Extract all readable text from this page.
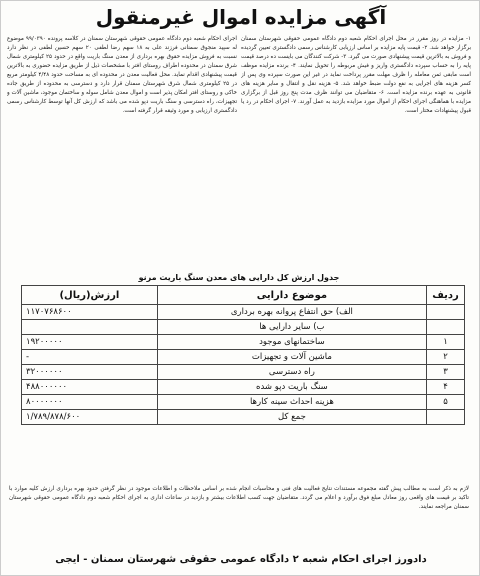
آگهی مزایده اموال غیرمنقول
اجرای احکام شعبه دوم دادگاه عمومی حقوقی شهرستان سمنان در کلاسه پرونده ۹۹/۰۳۹۰ موضوع له سپید منجوق سمنانی فرزند علی به ۱۸ سهم رضا لطفی ۲۰ سهم حسین لطفی در نظر دارد نسبت به فروش مزایده حقوق بهره برداری از معدن سنگ باریت واقع در حدود ۲۵ کیلومتری شمال شرق سمنان در محدوده اطراف روستای افتر با مشخصات ذیل از طریق مزایده حضوری به بالاترین قیمت پیشنهادی اقدام نماید. محل فعالیت معدن در محدوده ای به مساحت حدود ۴/۴۸ کیلومتر مربع در ۲۵ کیلومتری شمال شرق شهرستان سمنان قرار دارد و دسترسی به محدوده از طریق جاده خاکی و روستای افتر امکان پذیر است و اموال معدن شامل سوله و ساختمان موجود، ماشین آلات و تجهیزات، راه دسترسی و سنگ باریت دپو شده می باشد که ارزش کل آنها توسط کارشناس رسمی دادگستری ارزیابی و مورد وثیقه قرار گرفته است.
۱- مزایده در روز مقرر در محل اجرای احکام شعبه دوم دادگاه عمومی حقوقی شهرستان سمنان برگزار خواهد شد. ۲- قیمت پایه مزایده بر اساس ارزیابی کارشناس رسمی دادگستری تعیین گردیده و فروش به بالاترین قیمت پیشنهادی صورت می گیرد. ۳- شرکت کنندگان می بایست ده درصد قیمت پایه را به حساب سپرده دادگستری واریز و فیش مربوطه را تحویل نمایند. ۴- برنده مزایده موظف است مابقی ثمن معامله را ظرف مهلت مقرر پرداخت نماید در غیر این صورت سپرده وی پس از کسر هزینه های اجرایی به نفع دولت ضبط خواهد شد. ۵- هزینه نقل و انتقال و سایر هزینه های قانونی به عهده برنده مزایده است. ۶- متقاضیان می توانند ظرف مدت پنج روز قبل از برگزاری مزایده با هماهنگی اجرای احکام از اموال مورد مزایده بازدید به عمل آورند. ۷- اجرای احکام در رد یا قبول پیشنهادات مختار است.
جدول ارزش کل دارایی های معدن سنگ باریت مرنو
ردیف	موضوع دارایی	ارزش(ریال)
	الف) حق انتفاع پروانه بهره برداری	۱۱۷۰۷۶۸۶۰۰
	ب) سایر دارایی ها	
۱	ساختمانهای موجود	۱۹۲۰۰۰۰۰
۲	ماشین آلات و تجهیزات	-
۳	راه دسترسی	۳۲۰۰۰۰۰۰
۴	سنگ باریت دپو شده	۴۸۸۰۰۰۰۰۰
۵	هزینه احداث سینه کارها	۸۰۰۰۰۰۰۰
	جمع کل	۱/۷۸۹/۸۷۸/۶۰۰
لازم به ذکر است به مطالب پیش گفته مجموعه مستندات نتایج فعالیت های فنی و محاسبات انجام شده بر اساس ملاحظات و اطلاعات موجود در نظر گرفتن حدود بهره برداری ارزش کلیه موارد با تاکید بر قیمت های واقعی روز معادل مبلغ فوق برآورد و اعلام می گردد. متقاضیان جهت کسب اطلاعات بیشتر و بازدید در ساعات اداری به اجرای احکام شعبه دوم دادگاه عمومی حقوقی شهرستان سمنان مراجعه نمایند.
دادورز اجرای احکام شعبه ۲ دادگاه عمومی حقوقی شهرستان سمنان - ایجی
